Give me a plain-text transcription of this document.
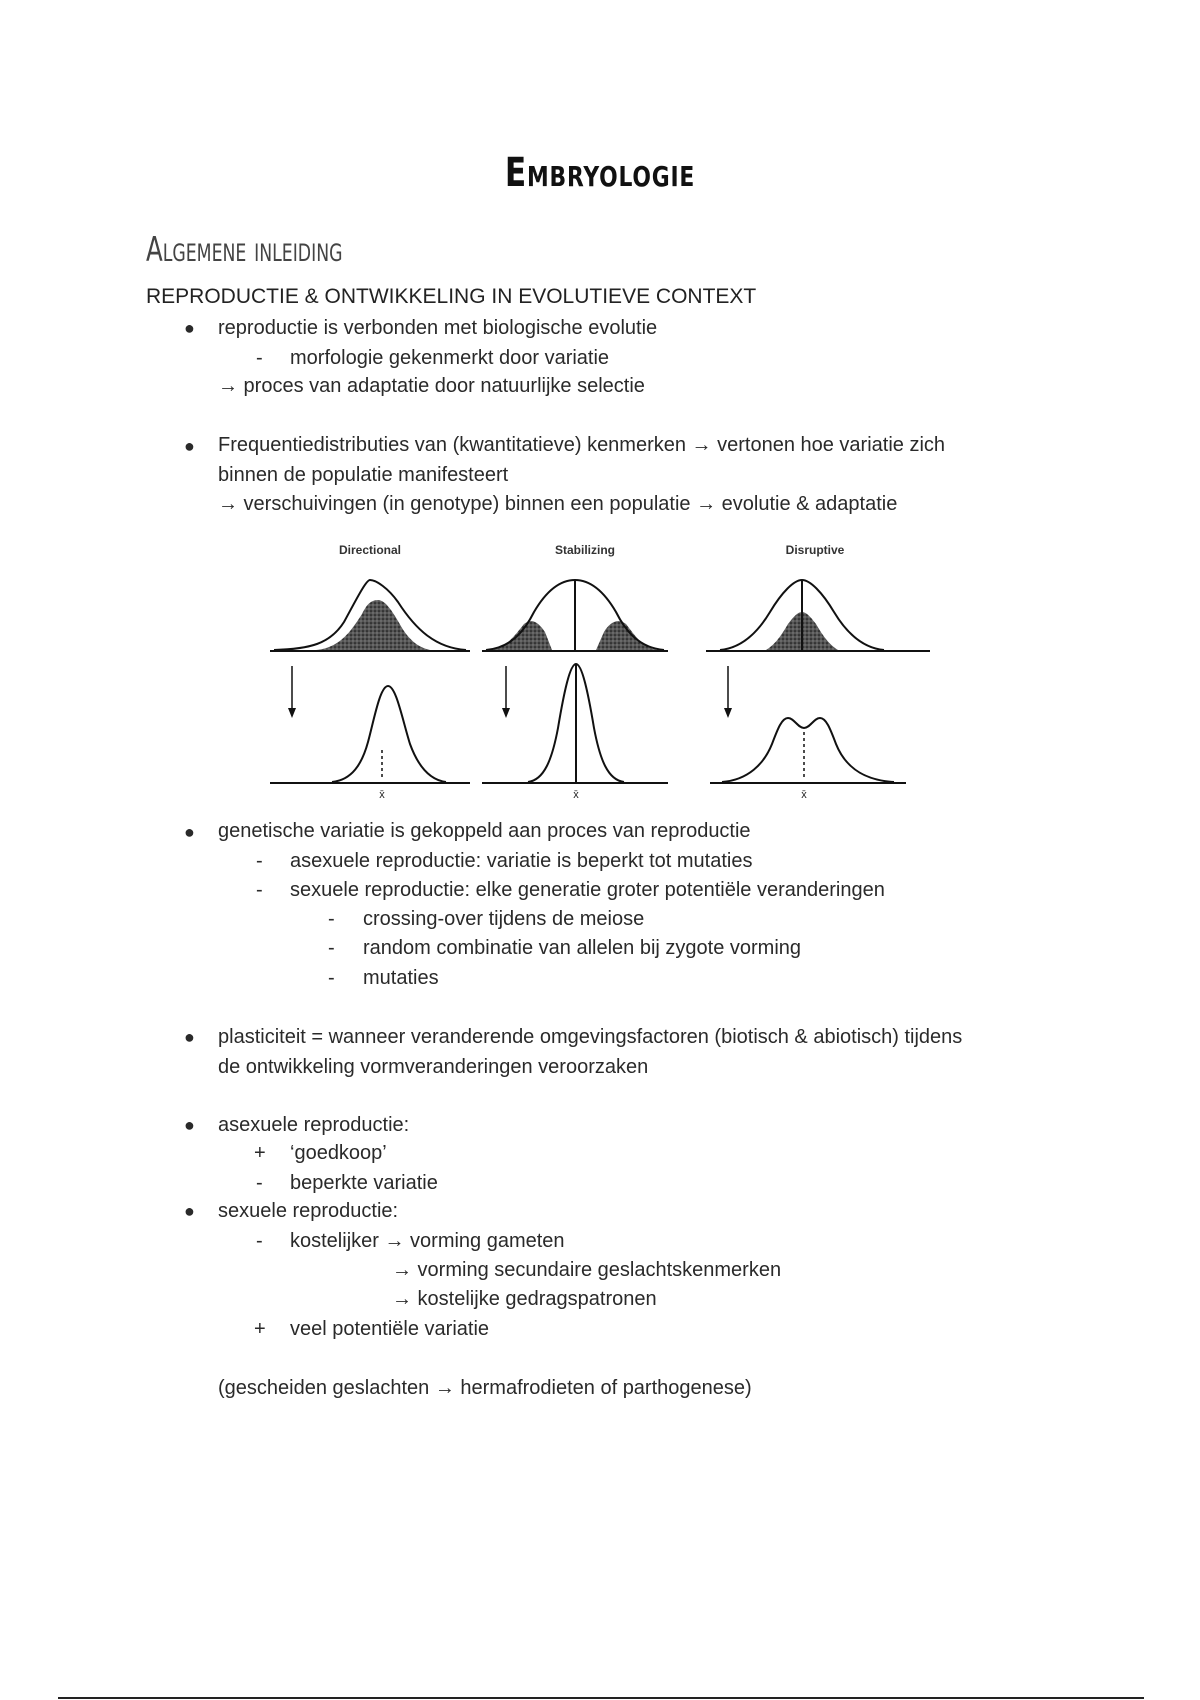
Embryologie
Algemene inleiding
REPRODUCTIE & ONTWIKKELING IN EVOLUTIEVE CONTEXT
● reproductie is verbonden met biologische evolutie
- morfologie gekenmerkt door variatie
→ proces van adaptatie door natuurlijke selectie
● Frequentiedistributies van (kwantitatieve) kenmerken → vertonen hoe variatie zich
binnen de populatie manifesteert
→ verschuivingen (in genotype) binnen een populatie → evolutie & adaptatie
Directional	Stabilizing	Disruptive
x̄	x̄	x̄
● genetische variatie is gekoppeld aan proces van reproductie
- asexuele reproductie: variatie is beperkt tot mutaties
- sexuele reproductie: elke generatie groter potentiële veranderingen
- crossing-over tijdens de meiose
- random combinatie van allelen bij zygote vorming
- mutaties
● plasticiteit = wanneer veranderende omgevingsfactoren (biotisch & abiotisch) tijdens
de ontwikkeling vormveranderingen veroorzaken
● asexuele reproductie:
+ ‘goedkoop’
- beperkte variatie
● sexuele reproductie:
- kostelijker → vorming gameten
→ vorming secundaire geslachtskenmerken
→ kostelijke gedragspatronen
+ veel potentiële variatie
(gescheiden geslachten → hermafrodieten of parthogenese)
